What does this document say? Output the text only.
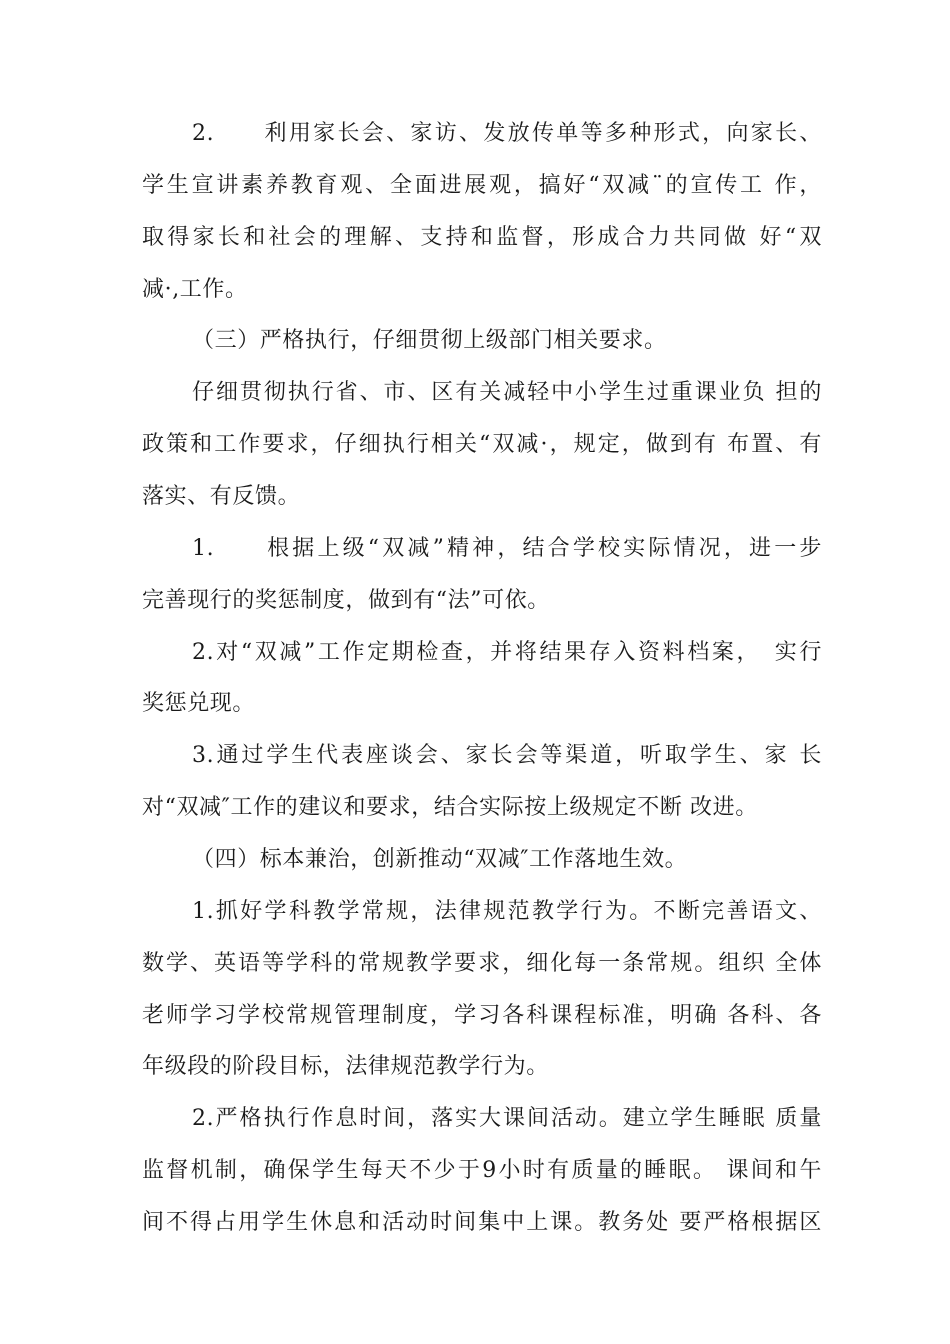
2.　　利用家长会、家访、发放传单等多种形式，向家长、
学生宣讲素养教育观、全面进展观，搞好“双减¨的宣传工 作，
取得家长和社会的理解、支持和监督，形成合力共同做 好“双
减·,工作。
（三）严格执行，仔细贯彻上级部门相关要求。
仔细贯彻执行省、市、区有关减轻中小学生过重课业负 担的
政策和工作要求，仔细执行相关“双减·，规定，做到有 布置、有
落实、有反馈。
1.　　根据上级“双减”精神，结合学校实际情况，进一步
完善现行的奖惩制度，做到有“法”可依。
2.对“双减”工作定期检查，并将结果存入资料档案，　实行
奖惩兑现。
3.通过学生代表座谈会、家长会等渠道，听取学生、家 长
对“双减″工作的建议和要求，结合实际按上级规定不断 改进。
（四）标本兼治，创新推动“双减″工作落地生效。
1.抓好学科教学常规，法律规范教学行为。不断完善语文、
数学、英语等学科的常规教学要求，细化每一条常规。组织 全体
老师学习学校常规管理制度，学习各科课程标准，明确 各科、各
年级段的阶段目标，法律规范教学行为。
2.严格执行作息时间，落实大课间活动。建立学生睡眠 质量
监督机制，确保学生每天不少于9小时有质量的睡眠。 课间和午
间不得占用学生休息和活动时间集中上课。教务处 要严格根据区
